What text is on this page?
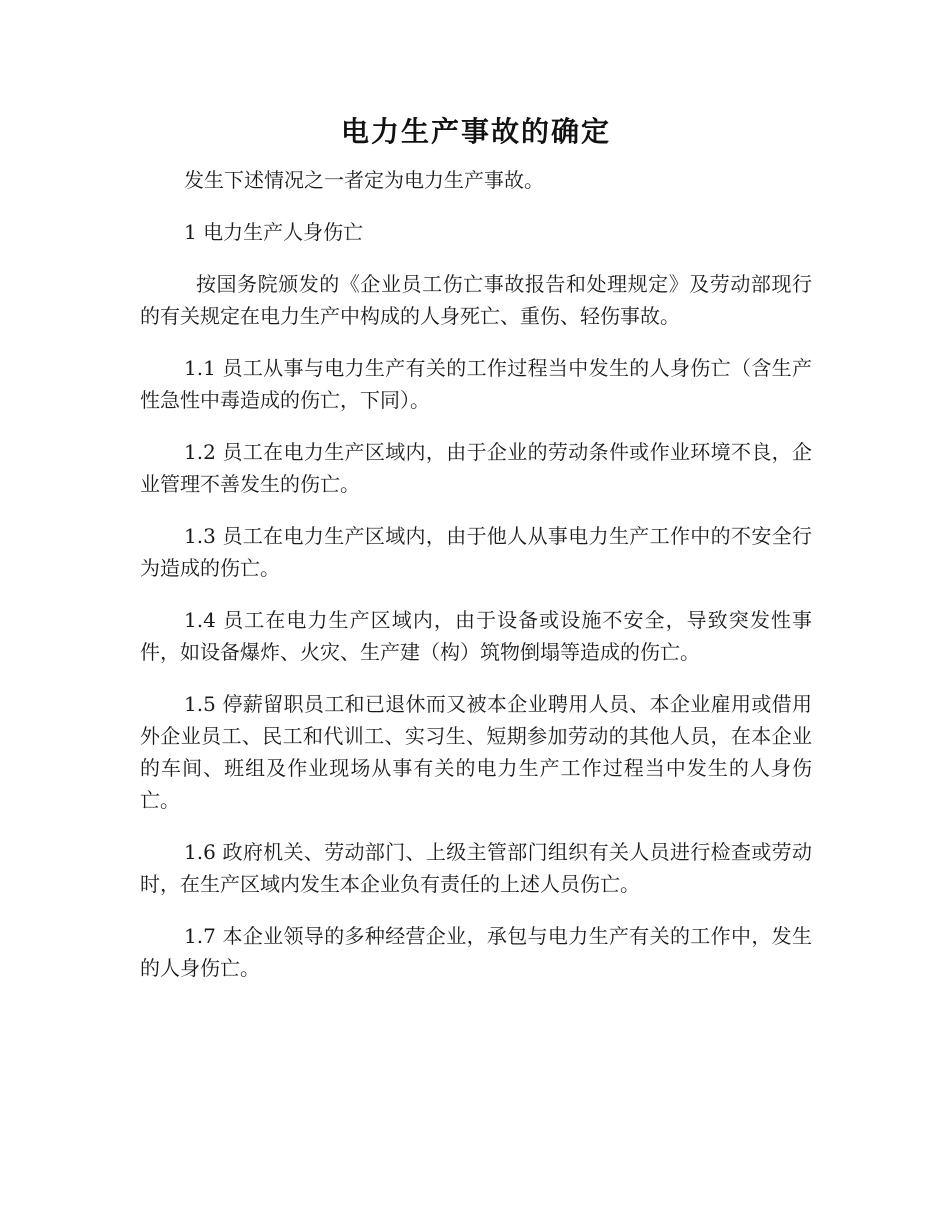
电力生产事故的确定

发生下述情况之一者定为电力生产事故。

1 电力生产人身伤亡

按国务院颁发的《企业员工伤亡事故报告和处理规定》及劳动部现行的有关规定在电力生产中构成的人身死亡、重伤、轻伤事故。

1.1 员工从事与电力生产有关的工作过程当中发生的人身伤亡（含生产性急性中毒造成的伤亡，下同）。

1.2 员工在电力生产区域内，由于企业的劳动条件或作业环境不良，企业管理不善发生的伤亡。

1.3 员工在电力生产区域内，由于他人从事电力生产工作中的不安全行为造成的伤亡。

1.4 员工在电力生产区域内，由于设备或设施不安全，导致突发性事件，如设备爆炸、火灾、生产建（构）筑物倒塌等造成的伤亡。

1.5 停薪留职员工和已退休而又被本企业聘用人员、本企业雇用或借用外企业员工、民工和代训工、实习生、短期参加劳动的其他人员，在本企业的车间、班组及作业现场从事有关的电力生产工作过程当中发生的人身伤亡。

1.6 政府机关、劳动部门、上级主管部门组织有关人员进行检查或劳动时，在生产区域内发生本企业负有责任的上述人员伤亡。

1.7 本企业领导的多种经营企业，承包与电力生产有关的工作中，发生的人身伤亡。
